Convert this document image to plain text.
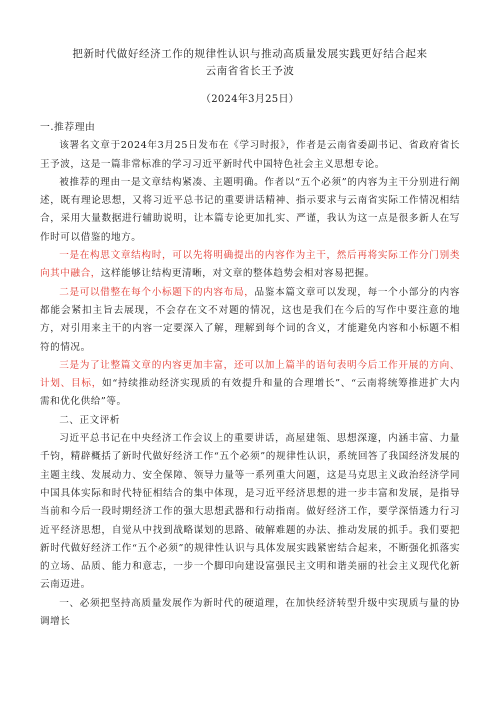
把新时代做好经济工作的规律性认识与推动高质量发展实践更好结合起来

云南省省长王予波

（2024年3月25日）

一.推荐理由

该署名文章于2024年3月25日发布在《学习时报》，作者是云南省委副书记、省政府省长王予波，这是一篇非常标准的学习习近平新时代中国特色社会主义思想专论。

被推荐的理由一是文章结构紧凑、主题明确。作者以“五个必须”的内容为主干分别进行阐述，既有理论思想，又将习近平总书记的重要讲话精神、指示要求与云南省实际工作情况相结合，采用大量数据进行辅助说明，让本篇专论更加扎实、严谨，我认为这一点是很多新人在写作时可以借鉴的地方。

一是在构思文章结构时，可以先将明确提出的内容作为主干，然后再将实际工作分门别类向其中融合，这样能够让结构更清晰，对文章的整体趋势会相对容易把握。

二是可以借整在每个小标题下的内容布局，品鉴本篇文章可以发现，每一个小部分的内容都能会紧扣主旨去展现，不会存在文不对题的情况，这也是我们在今后的写作中要注意的地方，对引用来主干的内容一定要深入了解，理解到每个词的含义，才能避免内容和小标题不相符的情况。

三是为了让整篇文章的内容更加丰富，还可以加上篇半的语句表明今后工作开展的方向、计划、目标，如“持续推动经济实现质的有效提升和量的合理增长”、“云南将统筹推进扩大内需和优化供给”等。

二、正文评析

习近平总书记在中央经济工作会议上的重要讲话，高屋建瓴、思想深邃，内涵丰富、力量千钧，精辟概括了新时代做好经济工作“五个必须”的规律性认识，系统回答了我国经济发展的主题主线、发展动力、安全保障、领导力量等一系列重大问题，这是马克思主义政治经济学同中国具体实际和时代特征相结合的集中体现，是习近平经济思想的进一步丰富和发展，是指导当前和今后一段时期经济工作的强大思想武器和行动指南。做好经济工作，要学深悟透力行习近平经济思想，自觉从中找到战略谋划的思路、破解难题的办法、推动发展的抓手。我们要把新时代做好经济工作“五个必须”的规律性认识与具体发展实践紧密结合起来，不断强化抓落实的立场、品质、能力和意志，一步一个脚印向建设富强民主文明和谐美丽的社会主义现代化新云南迈进。

一、必须把坚持高质量发展作为新时代的硬道理，在加快经济转型升级中实现质与量的协调增长
